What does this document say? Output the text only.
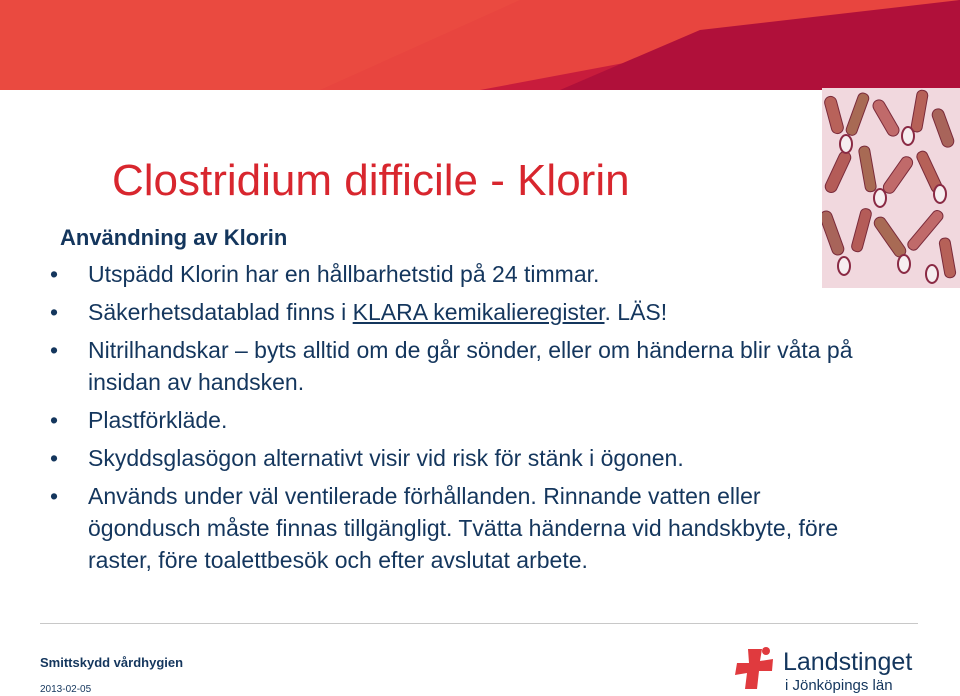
Clostridium difficile - Klorin
Användning av Klorin
• Utspädd Klorin har en hållbarhetstid på 24 timmar.
• Säkerhetsdatablad finns i KLARA kemikalieregister. LÄS!
• Nitrilhandskar – byts alltid om de går sönder, eller om händerna blir våta på insidan av handsken.
• Plastförkläde.
• Skyddsglasögon alternativt visir vid risk för stänk i ögonen.
• Används under väl ventilerade förhållanden. Rinnande vatten eller ögondusch måste finnas tillgängligt. Tvätta händerna vid handskbyte, före raster, före toalettbesök och efter avslutat arbete.
Smittskydd vårdhygien
2013-02-05
Landstinget
i Jönköpings län
